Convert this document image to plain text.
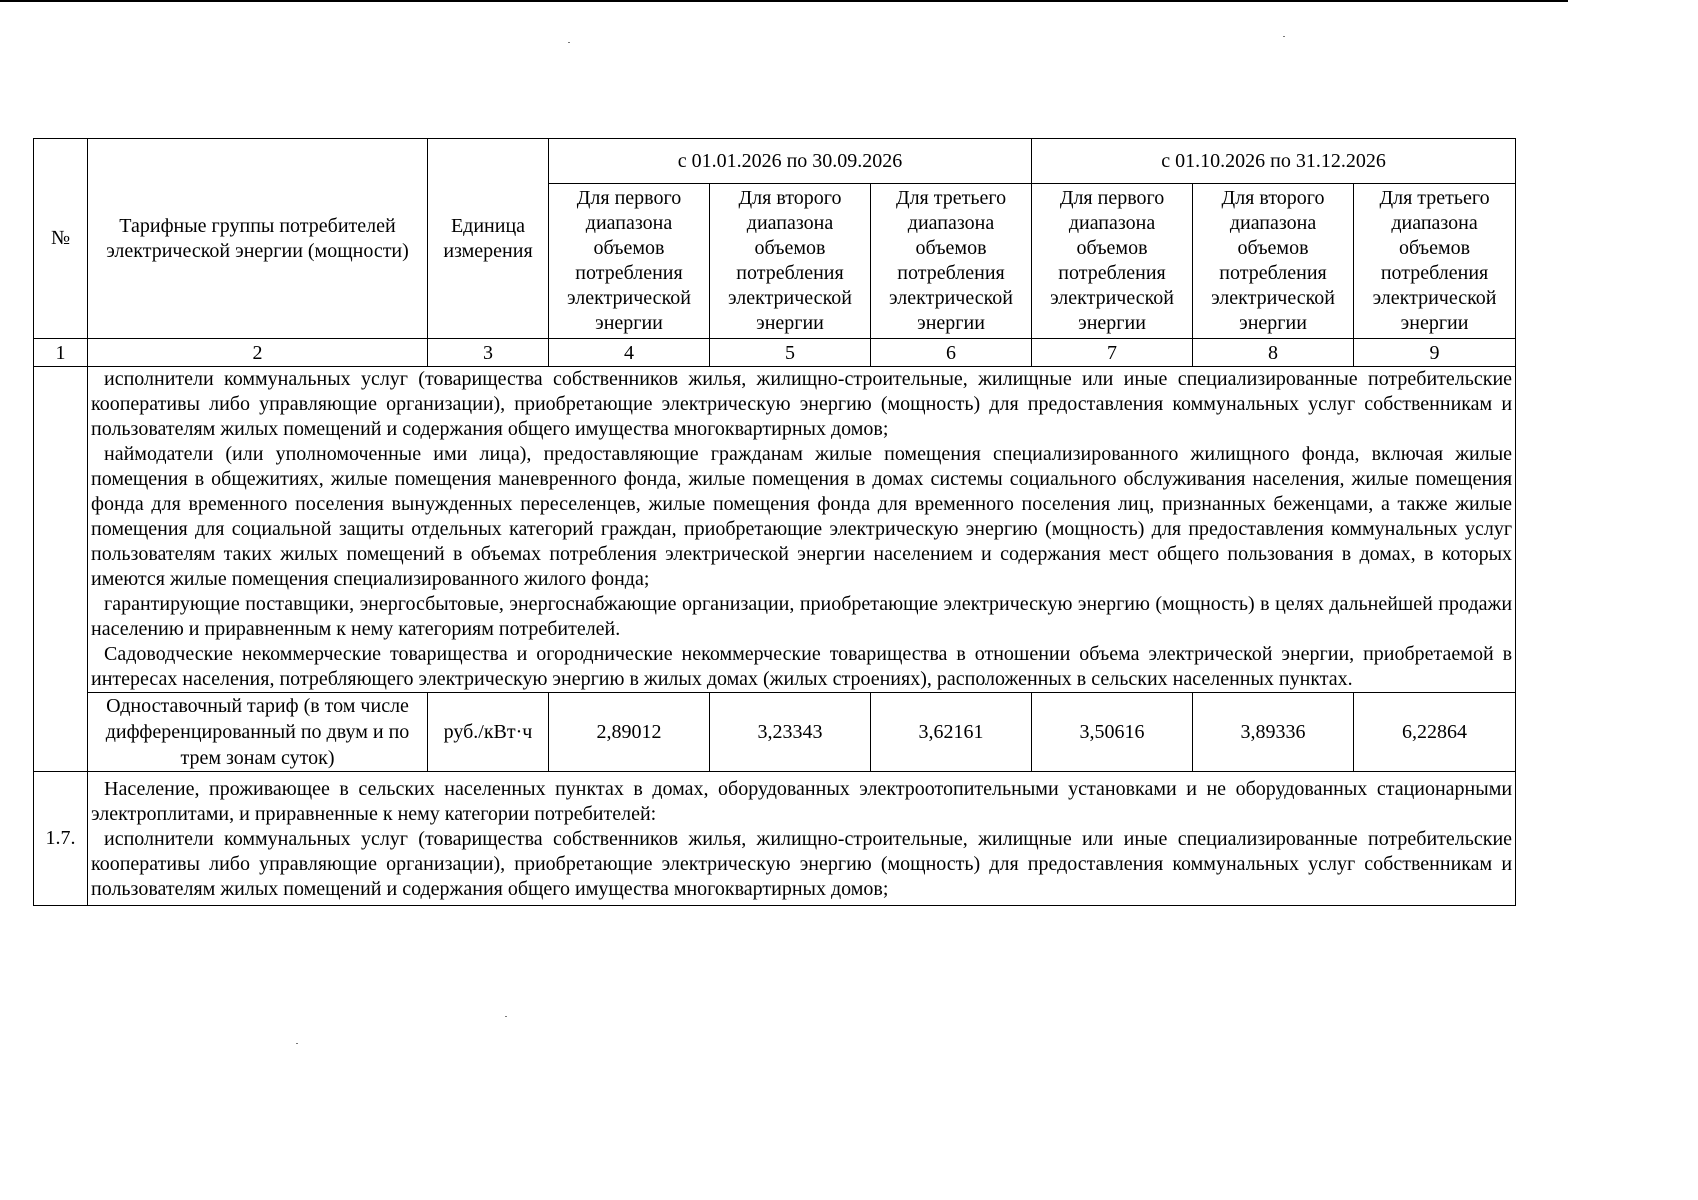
№	Тарифные группы потребителей электрической энергии (мощности)	Единица измерения	с 01.01.2026 по 30.09.2026			с 01.10.2026 по 31.12.2026		
			Для первого диапазона объемов потребления электрической энергии	Для второго диапазона объемов потребления электрической энергии	Для третьего диапазона объемов потребления электрической энергии	Для первого диапазона объемов потребления электрической энергии	Для второго диапазона объемов потребления электрической энергии	Для третьего диапазона объемов потребления электрической энергии
1	2	3	4	5	6	7	8	9

	исполнители коммунальных услуг (товарищества собственников жилья, жилищно-строительные, жилищные или иные специализированные потребительские кооперативы либо управляющие организации), приобретающие электрическую энергию (мощность) для предоставления коммунальных услуг собственникам и пользователям жилых помещений и содержания общего имущества многоквартирных домов;

наймодатели (или уполномоченные ими лица), предоставляющие гражданам жилые помещения специализированного жилищного фонда, включая жилые помещения в общежитиях, жилые помещения маневренного фонда, жилые помещения в домах системы социального обслуживания населения, жилые помещения фонда для временного поселения вынужденных переселенцев, жилые помещения фонда для временного поселения лиц, признанных беженцами, а также жилые помещения для социальной защиты отдельных категорий граждан, приобретающие электрическую энергию (мощность) для предоставления коммунальных услуг пользователям таких жилых помещений в объемах потребления электрической энергии населением и содержания мест общего пользования в домах, в которых имеются жилые помещения специализированного жилого фонда;

гарантирующие поставщики, энергосбытовые, энергоснабжающие организации, приобретающие электрическую энергию (мощность) в целях дальнейшей продажи населению и приравненным к нему категориям потребителей.

Садоводческие некоммерческие товарищества и огороднические некоммерческие товарищества в отношении объема электрической энергии, приобретаемой в интересах населения, потребляющего электрическую энергию в жилых домах (жилых строениях), расположенных в сельских населенных пунктах.							

	Одноставочный тариф (в том числе дифференцированный по двум и по трем зонам суток)	руб./кВт·ч	2,89012	3,23343	3,62161	3,50616	3,89336	6,22864
1.7.	Население, проживающее в сельских населенных пунктах в домах, оборудованных электроотопительными установками и не оборудованных стационарными электроплитами, и приравненные к нему категории потребителей:

исполнители коммунальных услуг (товарищества собственников жилья, жилищно-строительные, жилищные или иные специализированные потребительские кооперативы либо управляющие организации), приобретающие электрическую энергию (мощность) для предоставления коммунальных услуг собственникам и пользователям жилых помещений и содержания общего имущества многоквартирных домов;							
